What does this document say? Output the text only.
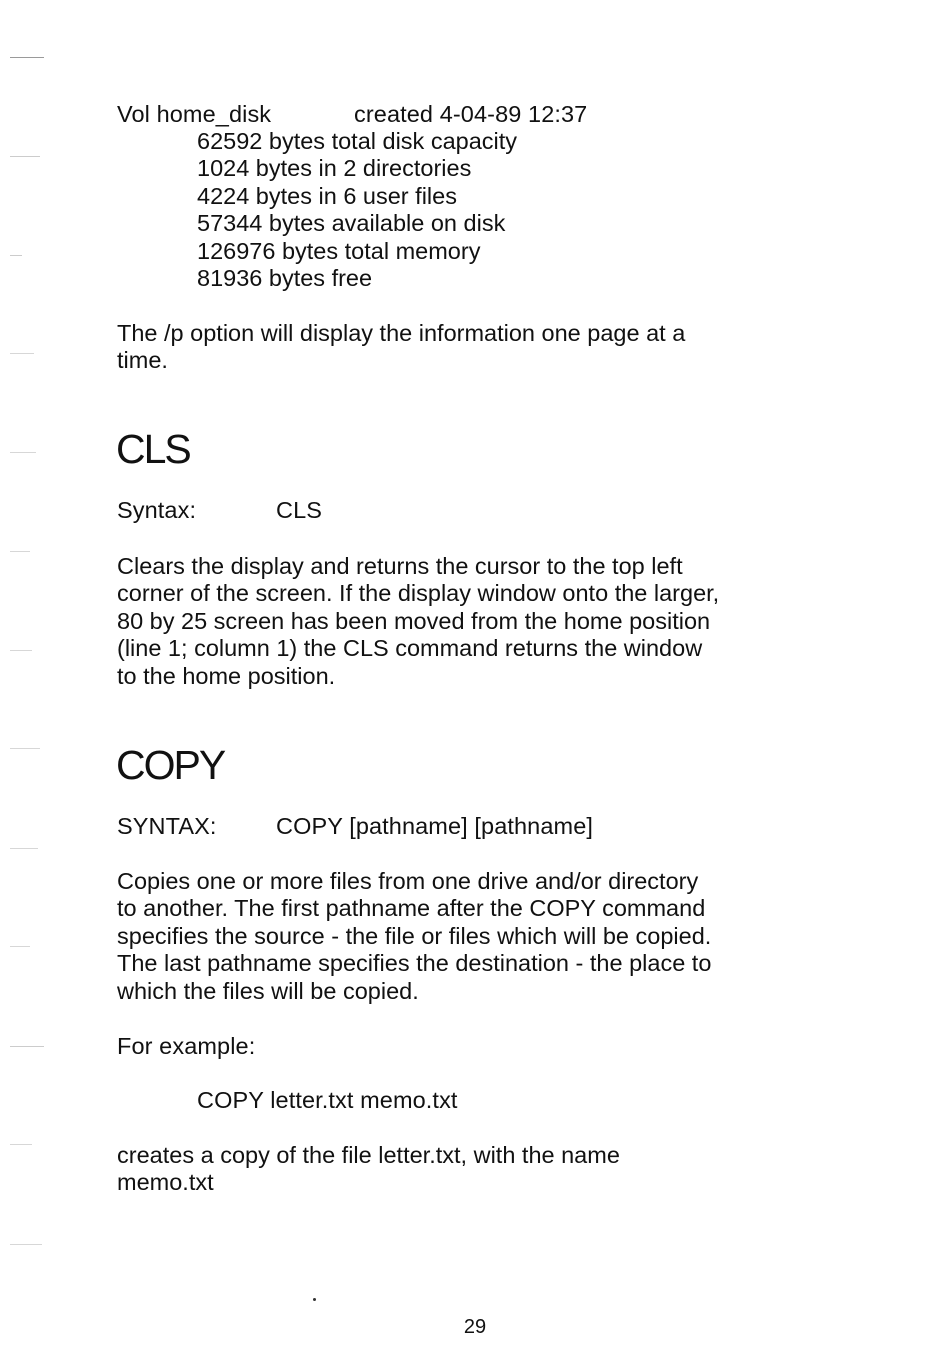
Vol home_disk	created 4-04-89 12:37
62592 bytes total disk capacity
1024 bytes in 2 directories
4224 bytes in 6 user files
57344 bytes available on disk
126976 bytes total memory
81936 bytes free
The /p option will display the information one page at a
time.
CLS
Syntax:	CLS
Clears the display and returns the cursor to the top left
corner of the screen. If the display window onto the larger,
80 by 25 screen has been moved from the home position
(line 1; column 1) the CLS command returns the window
to the home position.
COPY
SYNTAX:	COPY [pathname] [pathname]
Copies one or more files from one drive and/or directory
to another. The first pathname after the COPY command
specifies the source - the file or files which will be copied.
The last pathname specifies the destination - the place to
which the files will be copied.
For example:
COPY letter.txt memo.txt
creates a copy of the file letter.txt, with the name
memo.txt
29
